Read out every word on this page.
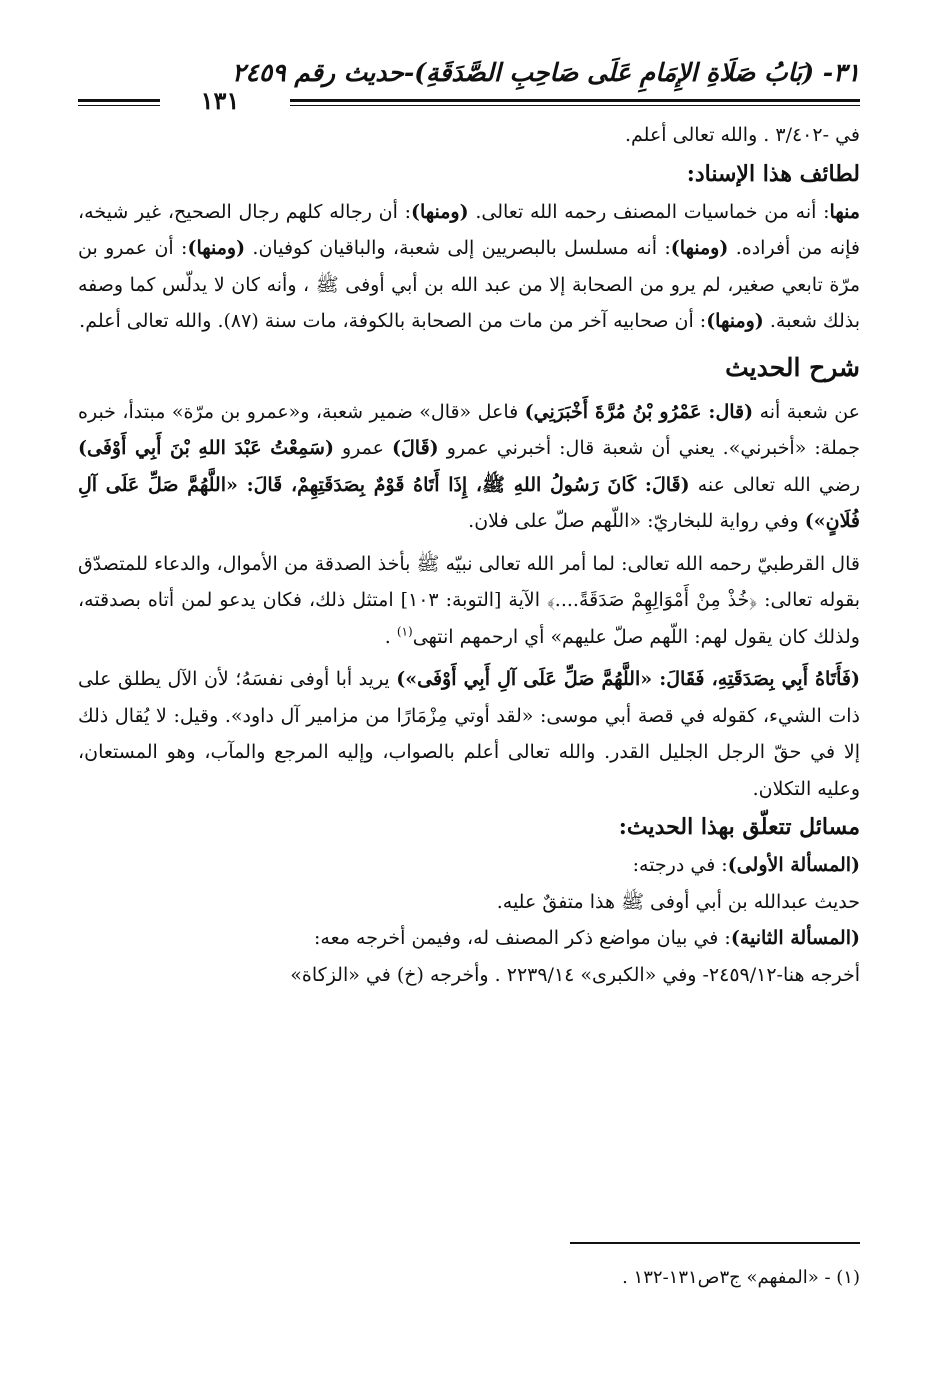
٣١- (بَابُ صَلَاةِ الإِمَامِ عَلَى صَاحِبِ الصَّدَقَةِ)-حديث رقم ٢٤٥٩
١٣١

في -٣/٤٠٢ . والله تعالى أعلم.

لطائف هذا الإسناد:

منها: أنه من خماسيات المصنف رحمه الله تعالى. (ومنها): أن رجاله كلهم رجال الصحيح، غير شيخه، فإنه من أفراده. (ومنها): أنه مسلسل بالبصريين إلى شعبة، والباقيان كوفيان. (ومنها): أن عمرو بن مرّة تابعي صغير، لم يرو من الصحابة إلا من عبد الله بن أبي أوفى ﷺ ، وأنه كان لا يدلّس كما وصفه بذلك شعبة. (ومنها): أن صحابيه آخر من مات من الصحابة بالكوفة، مات سنة (٨٧). والله تعالى أعلم.

شرح الحديث

عن شعبة أنه (قال: عَمْرُو بْنُ مُرَّةَ أَخْبَرَنِي) فاعل «قال» ضمير شعبة، و«عمرو بن مرّة» مبتدأ، خبره جملة: «أخبرني». يعني أن شعبة قال: أخبرني عمرو (قَالَ) عمرو (سَمِعْتُ عَبْدَ اللهِ بْنَ أَبِي أَوْفَى) رضي الله تعالى عنه (قَالَ: كَانَ رَسُولُ اللهِ ﷺ، إِذَا أَتَاهُ قَوْمٌ بِصَدَقَتِهِمْ، قَالَ: «اللَّهُمَّ صَلِّ عَلَى آلِ فُلَانٍ») وفي رواية للبخاريّ: «اللّهم صلّ على فلان.

قال القرطبيّ رحمه الله تعالى: لما أمر الله تعالى نبيّه ﷺ بأخذ الصدقة من الأموال، والدعاء للمتصدّق بقوله تعالى: ﴿خُذْ مِنْ أَمْوَالِهِمْ صَدَقَةً....﴾ الآية [التوبة: ١٠٣] امتثل ذلك، فكان يدعو لمن أتاه بصدقته، ولذلك كان يقول لهم: اللّهم صلّ عليهم» أي ارحمهم انتهى$^{(١)}$ .

(فَأَتَاهُ أَبِي بِصَدَقَتِهِ، فَقَالَ: «اللَّهُمَّ صَلِّ عَلَى آلِ أَبِي أَوْفَى») يريد أبا أوفى نفسَهُ؛ لأن الآل يطلق على ذات الشيء، كقوله في قصة أبي موسى: «لقد أوتي مِزْمَارًا من مزامير آل داود». وقيل: لا يُقال ذلك إلا في حقّ الرجل الجليل القدر. والله تعالى أعلم بالصواب، وإليه المرجع والمآب، وهو المستعان، وعليه التكلان.

مسائل تتعلّق بهذا الحديث:

(المسألة الأولى): في درجته:

حديث عبدالله بن أبي أوفى ﷺ هذا متفقٌ عليه.

(المسألة الثانية): في بيان مواضع ذكر المصنف له، وفيمن أخرجه معه:

أخرجه هنا-٢٤٥٩/١٢- وفي «الكبرى» ٢٢٣٩/١٤ . وأخرجه (خ) في «الزكاة»

(١) - «المفهم» ج٣ص١٣١-١٣٢ .
